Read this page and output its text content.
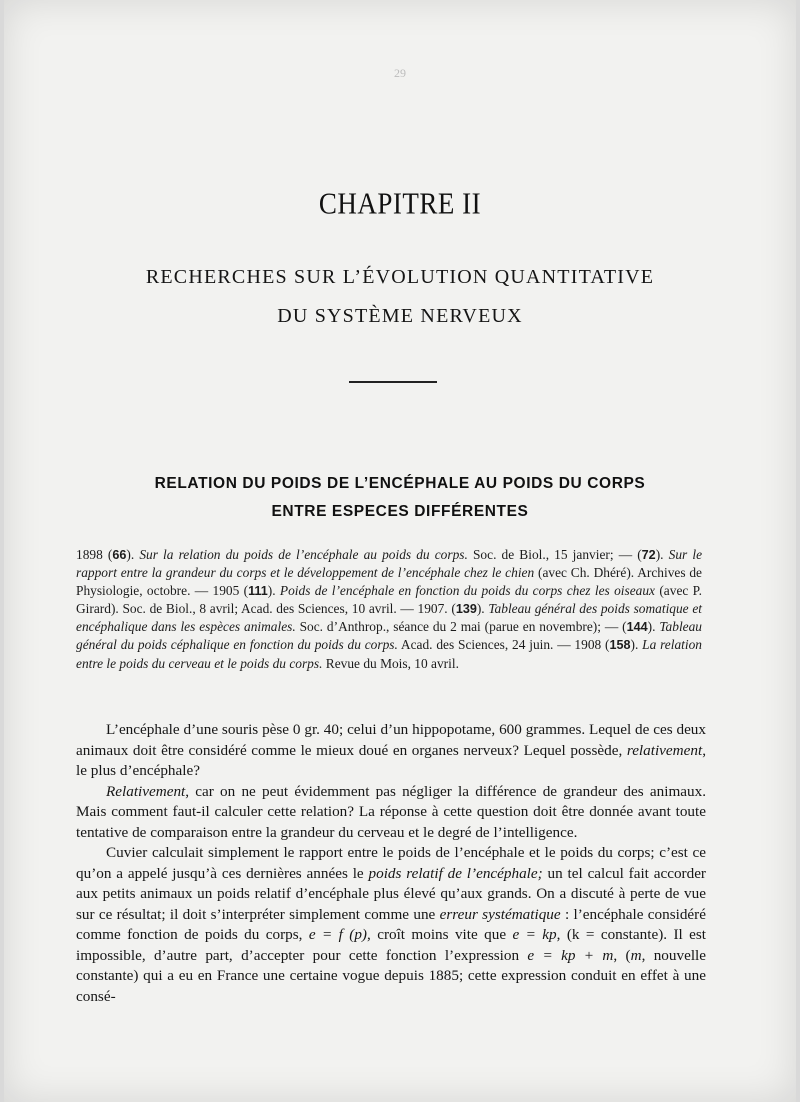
29
CHAPITRE II
RECHERCHES SUR L’ÉVOLUTION QUANTITATIVE
DU SYSTÈME NERVEUX
RELATION DU POIDS DE L’ENCÉPHALE AU POIDS DU CORPS
ENTRE ESPECES DIFFÉRENTES
1898 (66). Sur la relation du poids de l’encéphale au poids du corps. Soc. de Biol., 15 janvier; — (72). Sur le rapport entre la grandeur du corps et le développement de l’encéphale chez le chien (avec Ch. Dhéré). Archives de Physiologie, octobre. — 1905 (111). Poids de l’encéphale en fonction du poids du corps chez les oiseaux (avec P. Girard). Soc. de Biol., 8 avril; Acad. des Sciences, 10 avril. — 1907. (139). Tableau général des poids somatique et encéphalique dans les espèces animales. Soc. d’Anthrop., séance du 2 mai (parue en novembre); — (144). Tableau général du poids céphalique en fonction du poids du corps. Acad. des Sciences, 24 juin. — 1908 (158). La relation entre le poids du cerveau et le poids du corps. Revue du Mois, 10 avril.

L’encéphale d’une souris pèse 0 gr. 40; celui d’un hippopotame, 600 grammes. Lequel de ces deux animaux doit être considéré comme le mieux doué en organes nerveux? Lequel possède, relativement, le plus d’encéphale?

Relativement, car on ne peut évidemment pas négliger la différence de grandeur des animaux. Mais comment faut-il calculer cette relation? La réponse à cette question doit être donnée avant toute tentative de comparaison entre la grandeur du cerveau et le degré de l’intelligence.

Cuvier calculait simplement le rapport entre le poids de l’encéphale et le poids du corps; c’est ce qu’on a appelé jusqu’à ces dernières années le poids relatif de l’encéphale; un tel calcul fait accorder aux petits animaux un poids relatif d’encéphale plus élevé qu’aux grands. On a discuté à perte de vue sur ce résultat; il doit s’interpréter simplement comme une erreur systématique : l’encéphale considéré comme fonction de poids du corps, e = f (p), croît moins vite que e = kp, (k = constante). Il est impossible, d’autre part, d’accepter pour cette fonction l’expression e = kp + m, (m, nouvelle constante) qui a eu en France une certaine vogue depuis 1885; cette expression conduit en effet à une consé-
